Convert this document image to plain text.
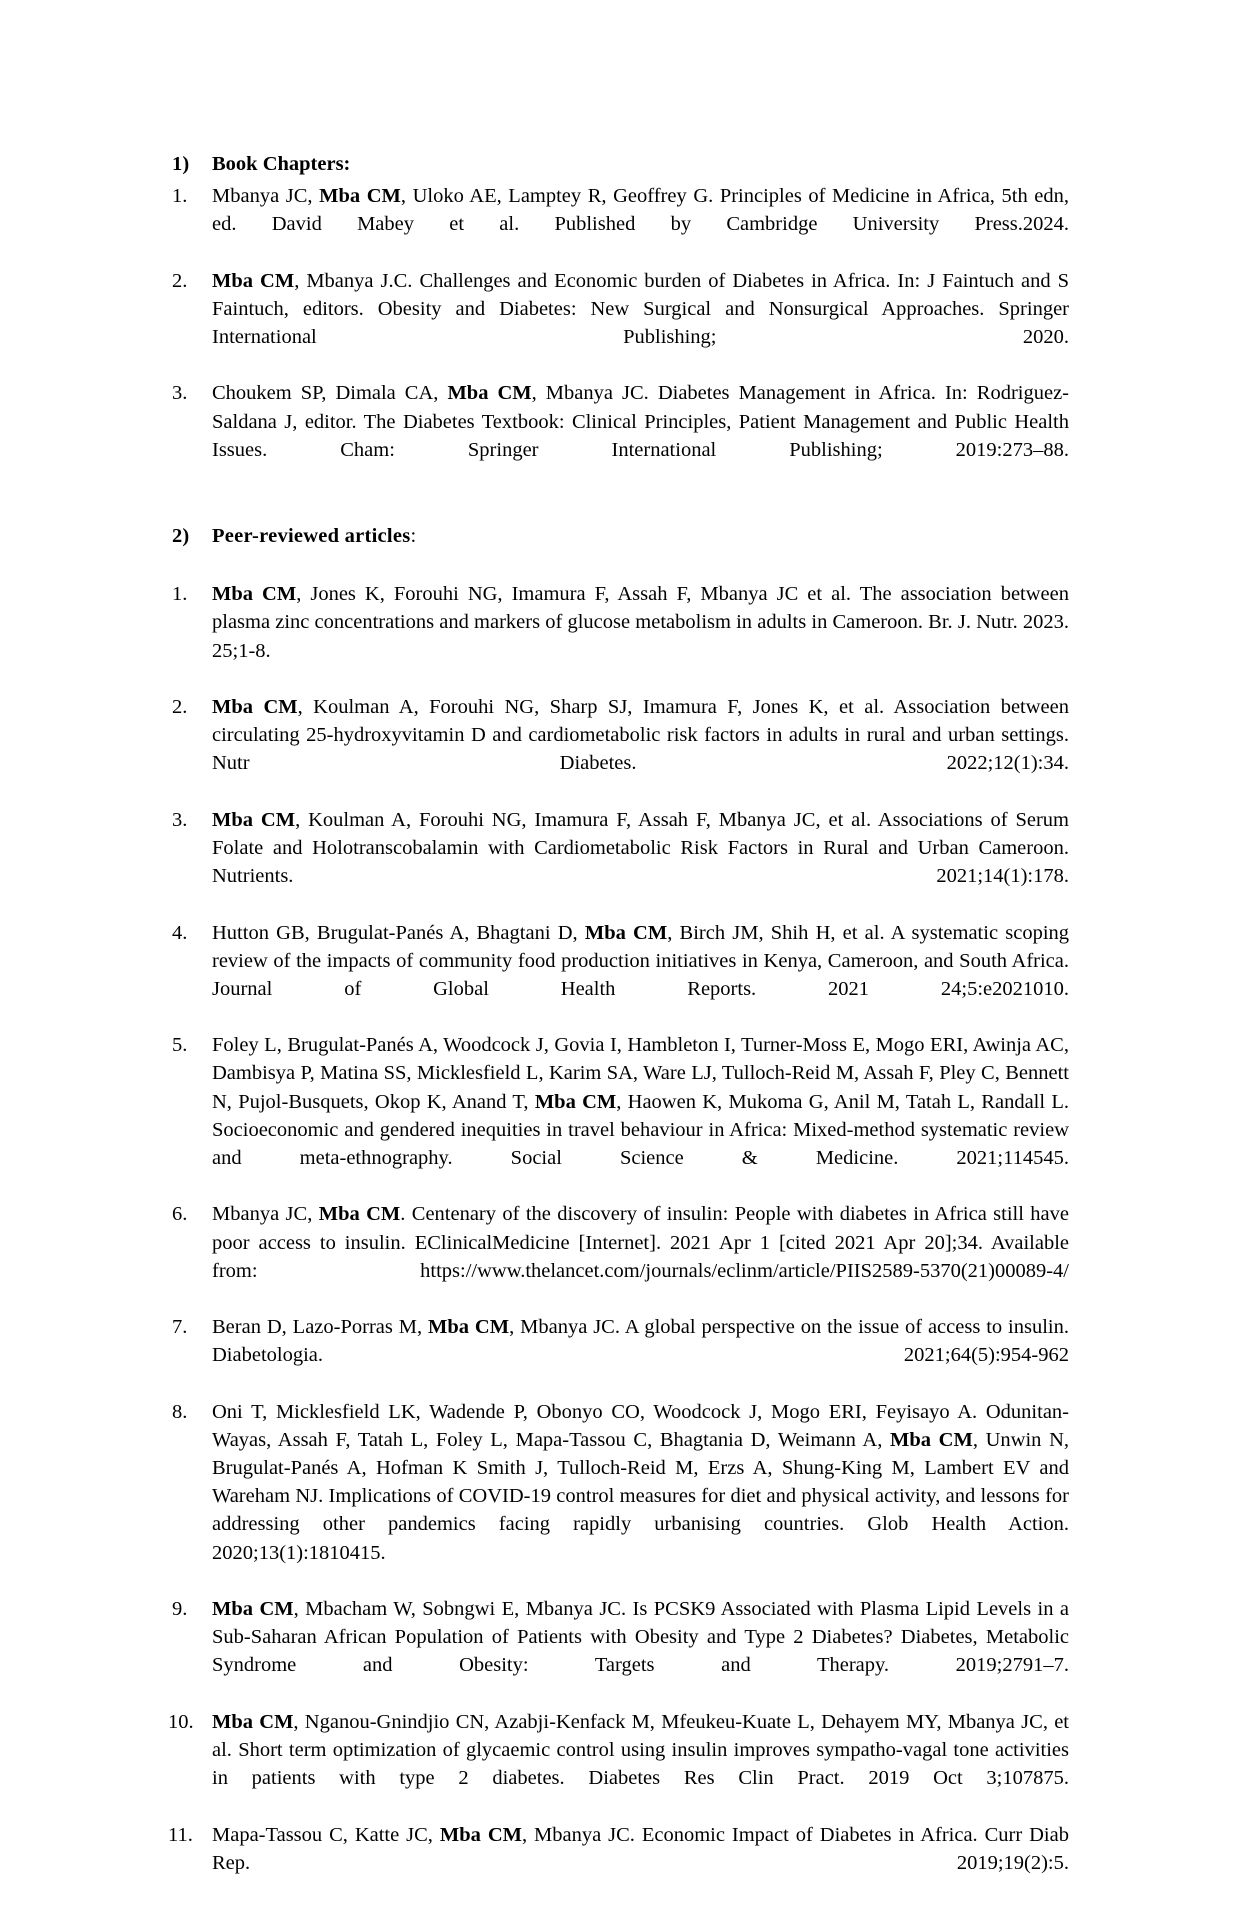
1)	Book Chapters:
1.	Mbanya JC, Mba CM, Uloko AE, Lamptey R, Geoffrey G. Principles of Medicine in Africa, 5th edn, ed. David Mabey et al. Published by Cambridge University Press.2024.
2.	Mba CM, Mbanya J.C. Challenges and Economic burden of Diabetes in Africa. In: J Faintuch and S Faintuch, editors. Obesity and Diabetes: New Surgical and Nonsurgical Approaches. Springer International Publishing; 2020.
3.	Choukem SP, Dimala CA, Mba CM, Mbanya JC. Diabetes Management in Africa. In: Rodriguez-Saldana J, editor. The Diabetes Textbook: Clinical Principles, Patient Management and Public Health Issues. Cham: Springer International Publishing; 2019:273–88.
2)	Peer-reviewed articles:
1.	Mba CM, Jones K, Forouhi NG, Imamura F, Assah F, Mbanya JC et al. The association between plasma zinc concentrations and markers of glucose metabolism in adults in Cameroon. Br. J. Nutr. 2023. 25;1-8.
2.	Mba CM, Koulman A, Forouhi NG, Sharp SJ, Imamura F, Jones K, et al. Association between circulating 25-hydroxyvitamin D and cardiometabolic risk factors in adults in rural and urban settings. Nutr Diabetes. 2022;12(1):34.
3.	Mba CM, Koulman A, Forouhi NG, Imamura F, Assah F, Mbanya JC, et al. Associations of Serum Folate and Holotranscobalamin with Cardiometabolic Risk Factors in Rural and Urban Cameroon. Nutrients. 2021;14(1):178.
4.	Hutton GB, Brugulat-Panés A, Bhagtani D, Mba CM, Birch JM, Shih H, et al. A systematic scoping review of the impacts of community food production initiatives in Kenya, Cameroon, and South Africa. Journal of Global Health Reports. 2021 24;5:e2021010.
5.	Foley L, Brugulat-Panés A, Woodcock J, Govia I, Hambleton I, Turner-Moss E, Mogo ERI, Awinja AC, Dambisya P, Matina SS, Micklesfield L, Karim SA, Ware LJ, Tulloch-Reid M, Assah F, Pley C, Bennett N, Pujol-Busquets, Okop K, Anand T, Mba CM, Haowen K, Mukoma G, Anil M, Tatah L, Randall L. Socioeconomic and gendered inequities in travel behaviour in Africa: Mixed-method systematic review and meta-ethnography. Social Science & Medicine. 2021;114545.
6.	Mbanya JC, Mba CM. Centenary of the discovery of insulin: People with diabetes in Africa still have poor access to insulin. EClinicalMedicine [Internet]. 2021 Apr 1 [cited 2021 Apr 20];34. Available from: https://www.thelancet.com/journals/eclinm/article/PIIS2589-5370(21)00089-4/
7.	Beran D, Lazo-Porras M, Mba CM, Mbanya JC. A global perspective on the issue of access to insulin. Diabetologia. 2021;64(5):954-962
8.	Oni T, Micklesfield LK, Wadende P, Obonyo CO, Woodcock J, Mogo ERI, Feyisayo A. Odunitan-Wayas, Assah F, Tatah L, Foley L, Mapa-Tassou C, Bhagtania D, Weimann A, Mba CM, Unwin N, Brugulat-Panés A, Hofman K Smith J, Tulloch-Reid M, Erzs A, Shung-King M, Lambert EV and Wareham NJ. Implications of COVID-19 control measures for diet and physical activity, and lessons for addressing other pandemics facing rapidly urbanising countries. Glob Health Action. 2020;13(1):1810415.
9.	Mba CM, Mbacham W, Sobngwi E, Mbanya JC. Is PCSK9 Associated with Plasma Lipid Levels in a Sub-Saharan African Population of Patients with Obesity and Type 2 Diabetes? Diabetes, Metabolic Syndrome and Obesity: Targets and Therapy. 2019;2791–7.
10. Mba CM, Nganou-Gnindjio CN, Azabji-Kenfack M, Mfeukeu-Kuate L, Dehayem MY, Mbanya JC, et al. Short term optimization of glycaemic control using insulin improves sympatho-vagal tone activities in patients with type 2 diabetes. Diabetes Res Clin Pract. 2019 Oct 3;107875.
11. Mapa-Tassou C, Katte JC, Mba CM, Mbanya JC. Economic Impact of Diabetes in Africa. Curr Diab Rep. 2019;19(2):5.
